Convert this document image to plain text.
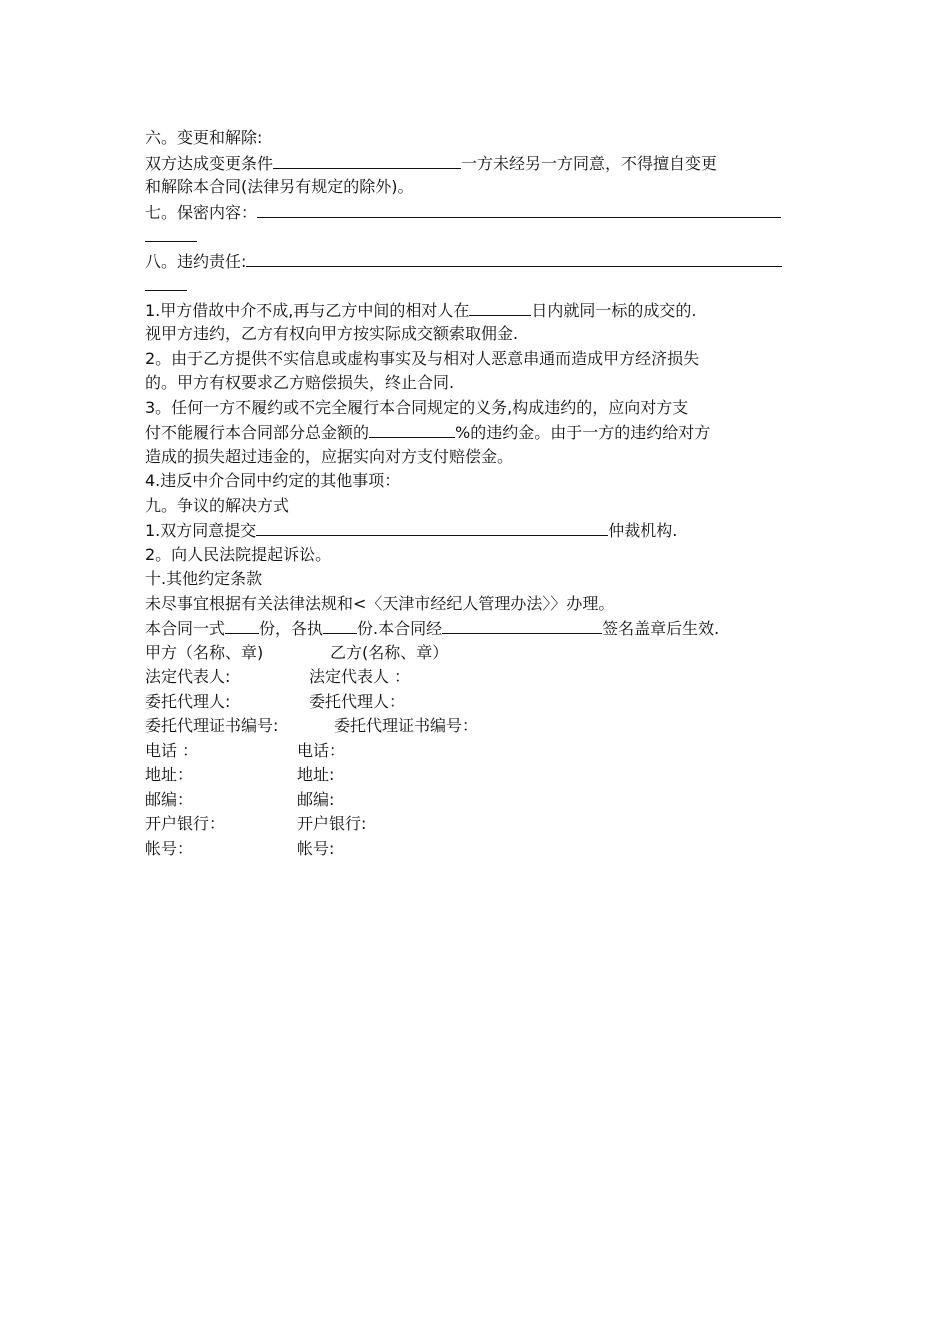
六。变更和解除:
双方达成变更条件	一方未经另一方同意，不得擅自变更
和解除本合同(法律另有规定的除外)。
七。保密内容：
八。违约责任:
1.甲方借故中介不成,再与乙方中间的相对人在	日内就同一标的成交的.
视甲方违约，乙方有权向甲方按实际成交额索取佣金.
2。由于乙方提供不实信息或虚构事实及与相对人恶意串通而造成甲方经济损失
的。甲方有权要求乙方赔偿损失，终止合同.
3。任何一方不履约或不完全履行本合同规定的义务,构成违约的，应向对方支
付不能履行本合同部分总金额的	%的违约金。由于一方的违约给对方
造成的损失超过违金的，应据实向对方支付赔偿金。
4.违反中介合同中约定的其他事项：
九。争议的解决方式
1.双方同意提交	仲裁机构.
2。向人民法院提起诉讼。
十.其他约定条款
未尽事宜根据有关法律法规和<〈天津市经纪人管理办法〉〉办理。
本合同一式 份，各执 份.本合同经	签名盖章后生效.
甲方（名称、章)	乙方(名称、章）
法定代表人:	法定代表人 ：
委托代理人:	委托代理人：
委托代理证书编号:	委托代理证书编号：
电话 ：	电话：
地址：	地址:
邮编：	邮编:
开户银行：	开户银行:
帐号：	帐号:
